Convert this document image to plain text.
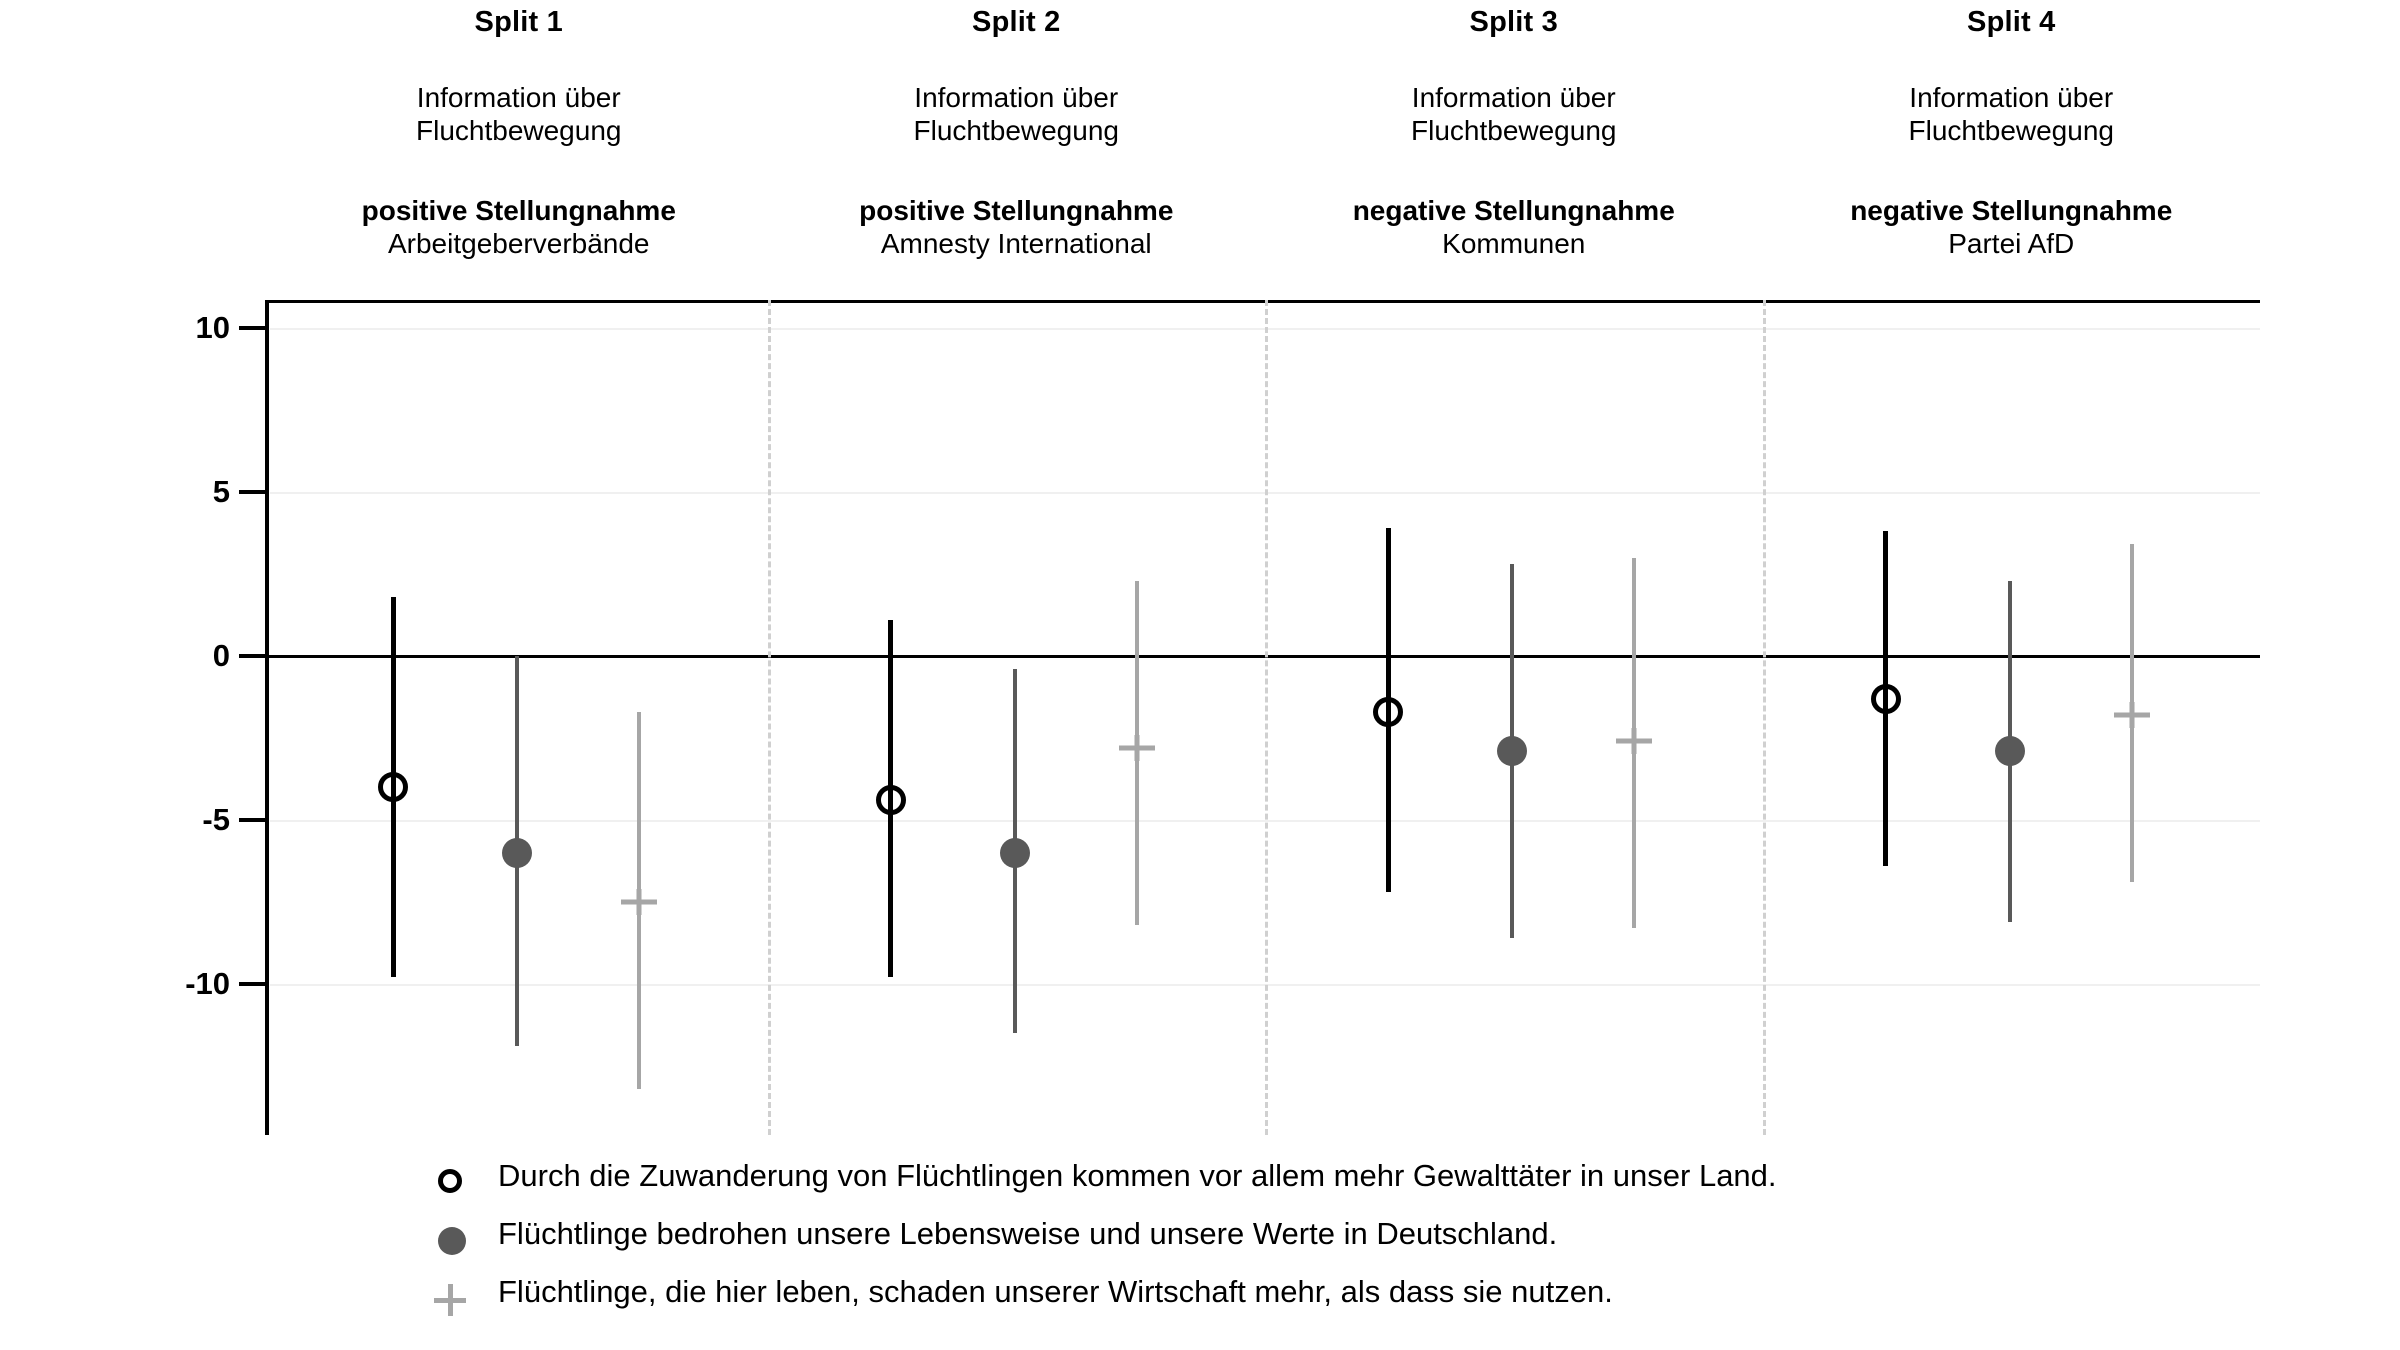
Split 1
Information über
Fluchtbewegung
positive Stellungnahme
Arbeitgeberverbände
Split 2
Information über
Fluchtbewegung
positive Stellungnahme
Amnesty International
Split 3
Information über
Fluchtbewegung
negative Stellungnahme
Kommunen
Split 4
Information über
Fluchtbewegung
negative Stellungnahme
Partei AfD
10
5
0
-5
-10
Durch die Zuwanderung von Flüchtlingen kommen vor allem mehr Gewalttäter in unser Land.
Flüchtlinge bedrohen unsere Lebensweise und unsere Werte in Deutschland.
Flüchtlinge, die hier leben, schaden unserer Wirtschaft mehr, als dass sie nutzen.
